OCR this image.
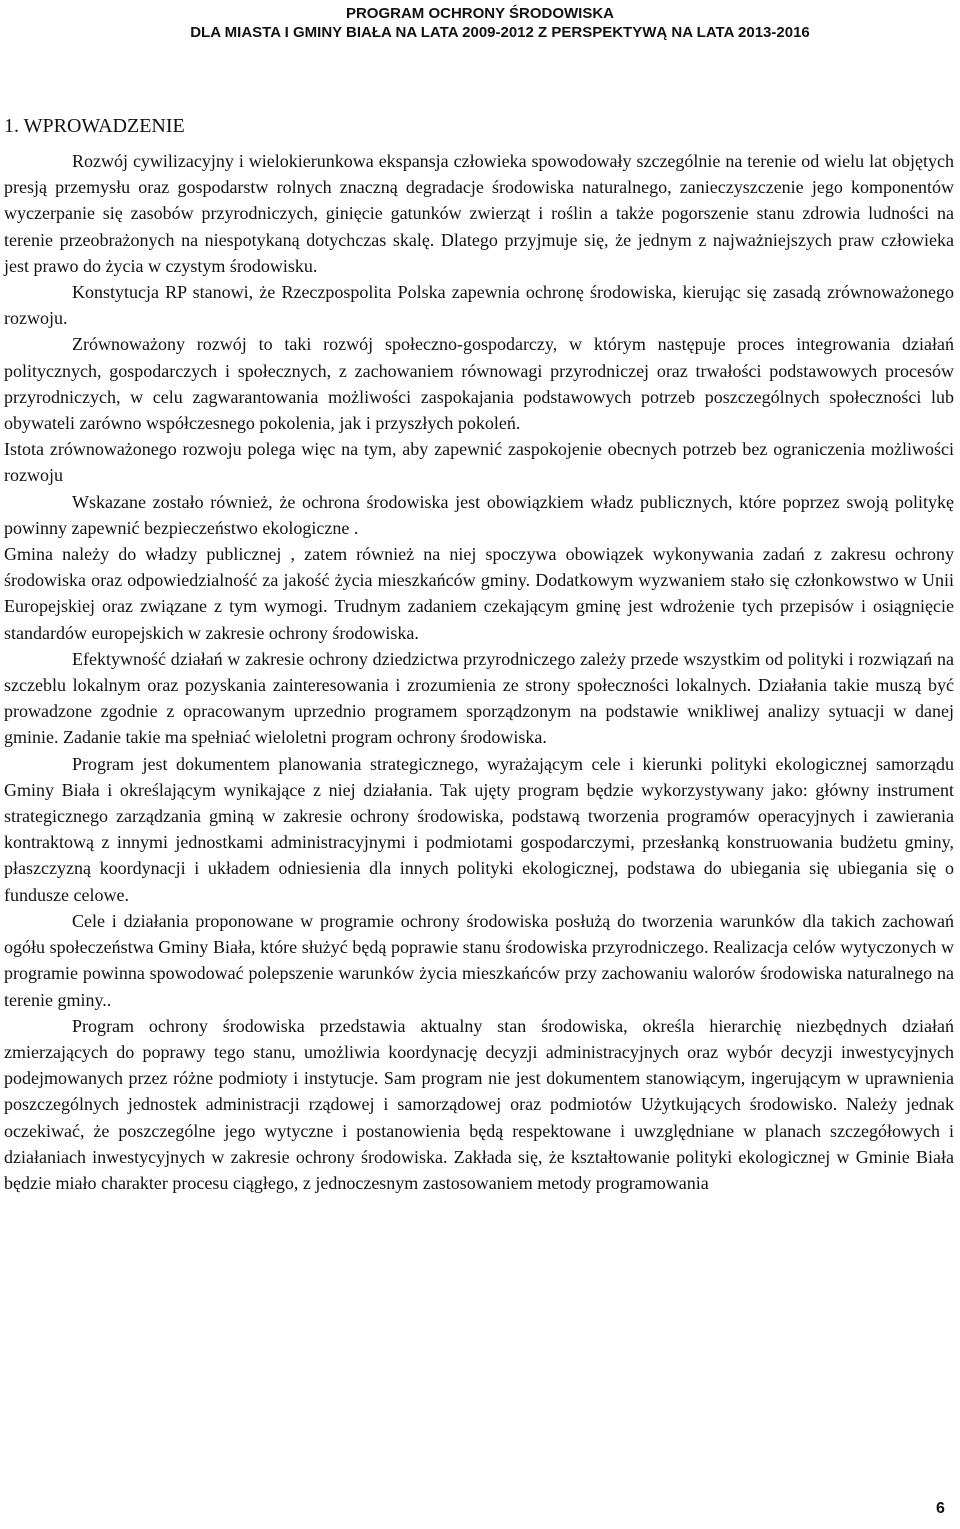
PROGRAM OCHRONY ŚRODOWISKA
DLA MIASTA I GMINY BIAŁA NA LATA 2009-2012 Z PERSPEKTYWĄ NA LATA 2013-2016
1. WPROWADZENIE

Rozwój cywilizacyjny i wielokierunkowa ekspansja człowieka spowodowały szczególnie na terenie od wielu lat objętych presją przemysłu oraz gospodarstw rolnych znaczną degradacje środowiska naturalnego, zanieczyszczenie jego komponentów wyczerpanie się zasobów przyrodniczych, ginięcie gatunków zwierząt i roślin a także pogorszenie stanu zdrowia ludności na terenie przeobrażonych na niespotykaną dotychczas skalę. Dlatego przyjmuje się, że jednym z najważniejszych praw człowieka jest prawo do życia w czystym środowisku.

Konstytucja RP stanowi, że Rzeczpospolita Polska zapewnia ochronę środowiska, kierując się zasadą zrównoważonego rozwoju.

Zrównoważony rozwój to taki rozwój społeczno-gospodarczy, w którym następuje proces integrowania działań politycznych, gospodarczych i społecznych, z zachowaniem równowagi przyrodniczej oraz trwałości podstawowych procesów przyrodniczych, w celu zagwarantowania możliwości zaspokajania podstawowych potrzeb poszczególnych społeczności lub obywateli zarówno współczesnego pokolenia, jak i przyszłych pokoleń.

Istota zrównoważonego rozwoju polega więc na tym, aby zapewnić zaspokojenie obecnych potrzeb bez ograniczenia możliwości rozwoju

Wskazane zostało również, że ochrona środowiska jest obowiązkiem władz publicznych, które poprzez swoją politykę powinny zapewnić bezpieczeństwo ekologiczne .

Gmina należy do władzy publicznej , zatem również na niej spoczywa obowiązek wykonywania zadań z zakresu ochrony środowiska oraz odpowiedzialność za jakość życia mieszkańców gminy. Dodatkowym wyzwaniem stało się członkowstwo w Unii Europejskiej oraz związane z tym wymogi. Trudnym zadaniem czekającym gminę jest wdrożenie tych przepisów i osiągnięcie standardów europejskich w zakresie ochrony środowiska.

Efektywność działań w zakresie ochrony dziedzictwa przyrodniczego zależy przede wszystkim od polityki i rozwiązań na szczeblu lokalnym oraz pozyskania zainteresowania i zrozumienia ze strony społeczności lokalnych. Działania takie muszą być prowadzone zgodnie z opracowanym uprzednio programem sporządzonym na podstawie wnikliwej analizy sytuacji w danej gminie. Zadanie takie ma spełniać wieloletni program ochrony środowiska.

Program jest dokumentem planowania strategicznego, wyrażającym cele i kierunki polityki ekologicznej samorządu Gminy Biała i określającym wynikające z niej działania. Tak ujęty program będzie wykorzystywany jako: główny instrument strategicznego zarządzania gminą w zakresie ochrony środowiska, podstawą tworzenia programów operacyjnych i zawierania kontraktową z innymi jednostkami administracyjnymi i podmiotami gospodarczymi, przesłanką konstruowania budżetu gminy, płaszczyzną koordynacji i układem odniesienia dla innych polityki ekologicznej, podstawa do ubiegania się ubiegania się o fundusze celowe.

Cele i działania proponowane w programie ochrony środowiska posłużą do tworzenia warunków dla takich zachowań ogółu społeczeństwa Gminy Biała, które służyć będą poprawie stanu środowiska przyrodniczego. Realizacja celów wytyczonych w programie powinna spowodować polepszenie warunków życia mieszkańców przy zachowaniu walorów środowiska naturalnego na terenie gminy..

Program ochrony środowiska przedstawia aktualny stan środowiska, określa hierarchię niezbędnych działań zmierzających do poprawy tego stanu, umożliwia koordynację decyzji administracyjnych oraz wybór decyzji inwestycyjnych podejmowanych przez różne podmioty i instytucje. Sam program nie jest dokumentem stanowiącym, ingerującym w uprawnienia poszczególnych jednostek administracji rządowej i samorządowej oraz podmiotów Użytkujących środowisko. Należy jednak oczekiwać, że poszczególne jego wytyczne i postanowienia będą respektowane i uwzględniane w planach szczegółowych i działaniach inwestycyjnych w zakresie ochrony środowiska. Zakłada się, że kształtowanie polityki ekologicznej w Gminie Biała będzie miało charakter procesu ciągłego, z jednoczesnym zastosowaniem metody programowania

6
